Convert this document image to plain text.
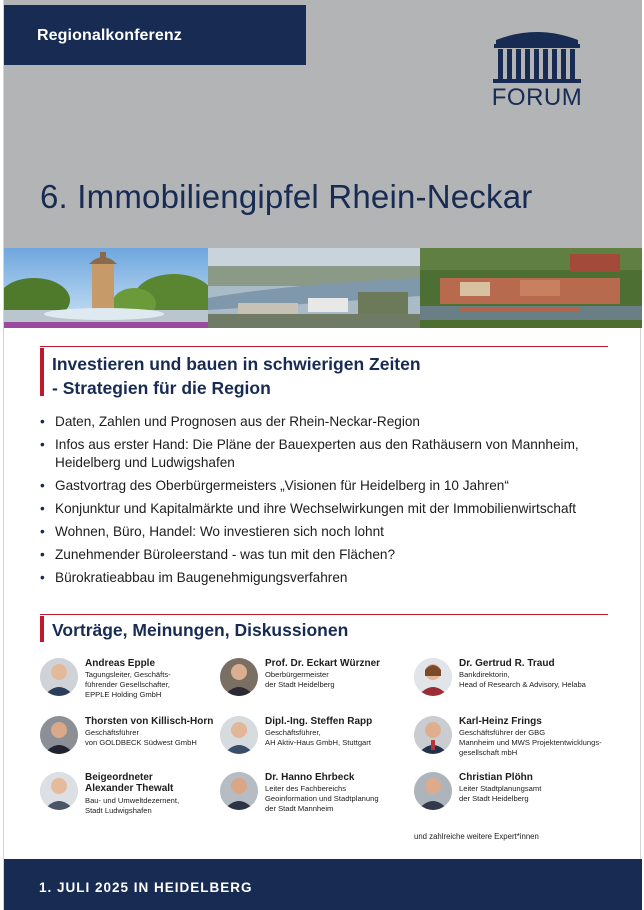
Regionalkonferenz
FORUM
6. Immobiliengipfel Rhein-Neckar
Investieren und bauen in schwierigen Zeiten
- Strategien für die Region
• Daten, Zahlen und Prognosen aus der Rhein-Neckar-Region
• Infos aus erster Hand: Die Pläne der Bauexperten aus den Rathäusern von Mannheim, Heidelberg und Ludwigshafen
• Gastvortrag des Oberbürgermeisters „Visionen für Heidelberg in 10 Jahren“
• Konjunktur und Kapitalmärkte und ihre Wechselwirkungen mit der Immobilienwirtschaft
• Wohnen, Büro, Handel: Wo investieren sich noch lohnt
• Zunehmender Büroleerstand - was tun mit den Flächen?
• Bürokratieabbau im Baugenehmigungsverfahren
Vorträge, Meinungen, Diskussionen
Andreas Epple
Tagungsleiter, Geschäfts-
führender Gesellschafter,
EPPLE Holding GmbH
Prof. Dr. Eckart Würzner
Oberbürgermeister
der Stadt Heidelberg
Dr. Gertrud R. Traud
Bankdirektorin,
Head of Research & Advisory, Helaba
Thorsten von Killisch-Horn
Geschäftsführer
von GOLDBECK Südwest GmbH
Dipl.-Ing. Steffen Rapp
Geschäftsführer,
AH Aktiv-Haus GmbH, Stuttgart
Karl-Heinz Frings
Geschäftsführer der GBG
Mannheim und MWS Projektentwicklungs-
gesellschaft mbH
Beigeordneter
Alexander Thewalt
Bau- und Umweltdezernent,
Stadt Ludwigshafen
Dr. Hanno Ehrbeck
Leiter des Fachbereichs
Geoinformation und Stadtplanung
der Stadt Mannheim
Christian Plöhn
Leiter Stadtplanungsamt
der Stadt Heidelberg
und zahlreiche weitere Expert*innen
1. JULI 2025 IN HEIDELBERG
